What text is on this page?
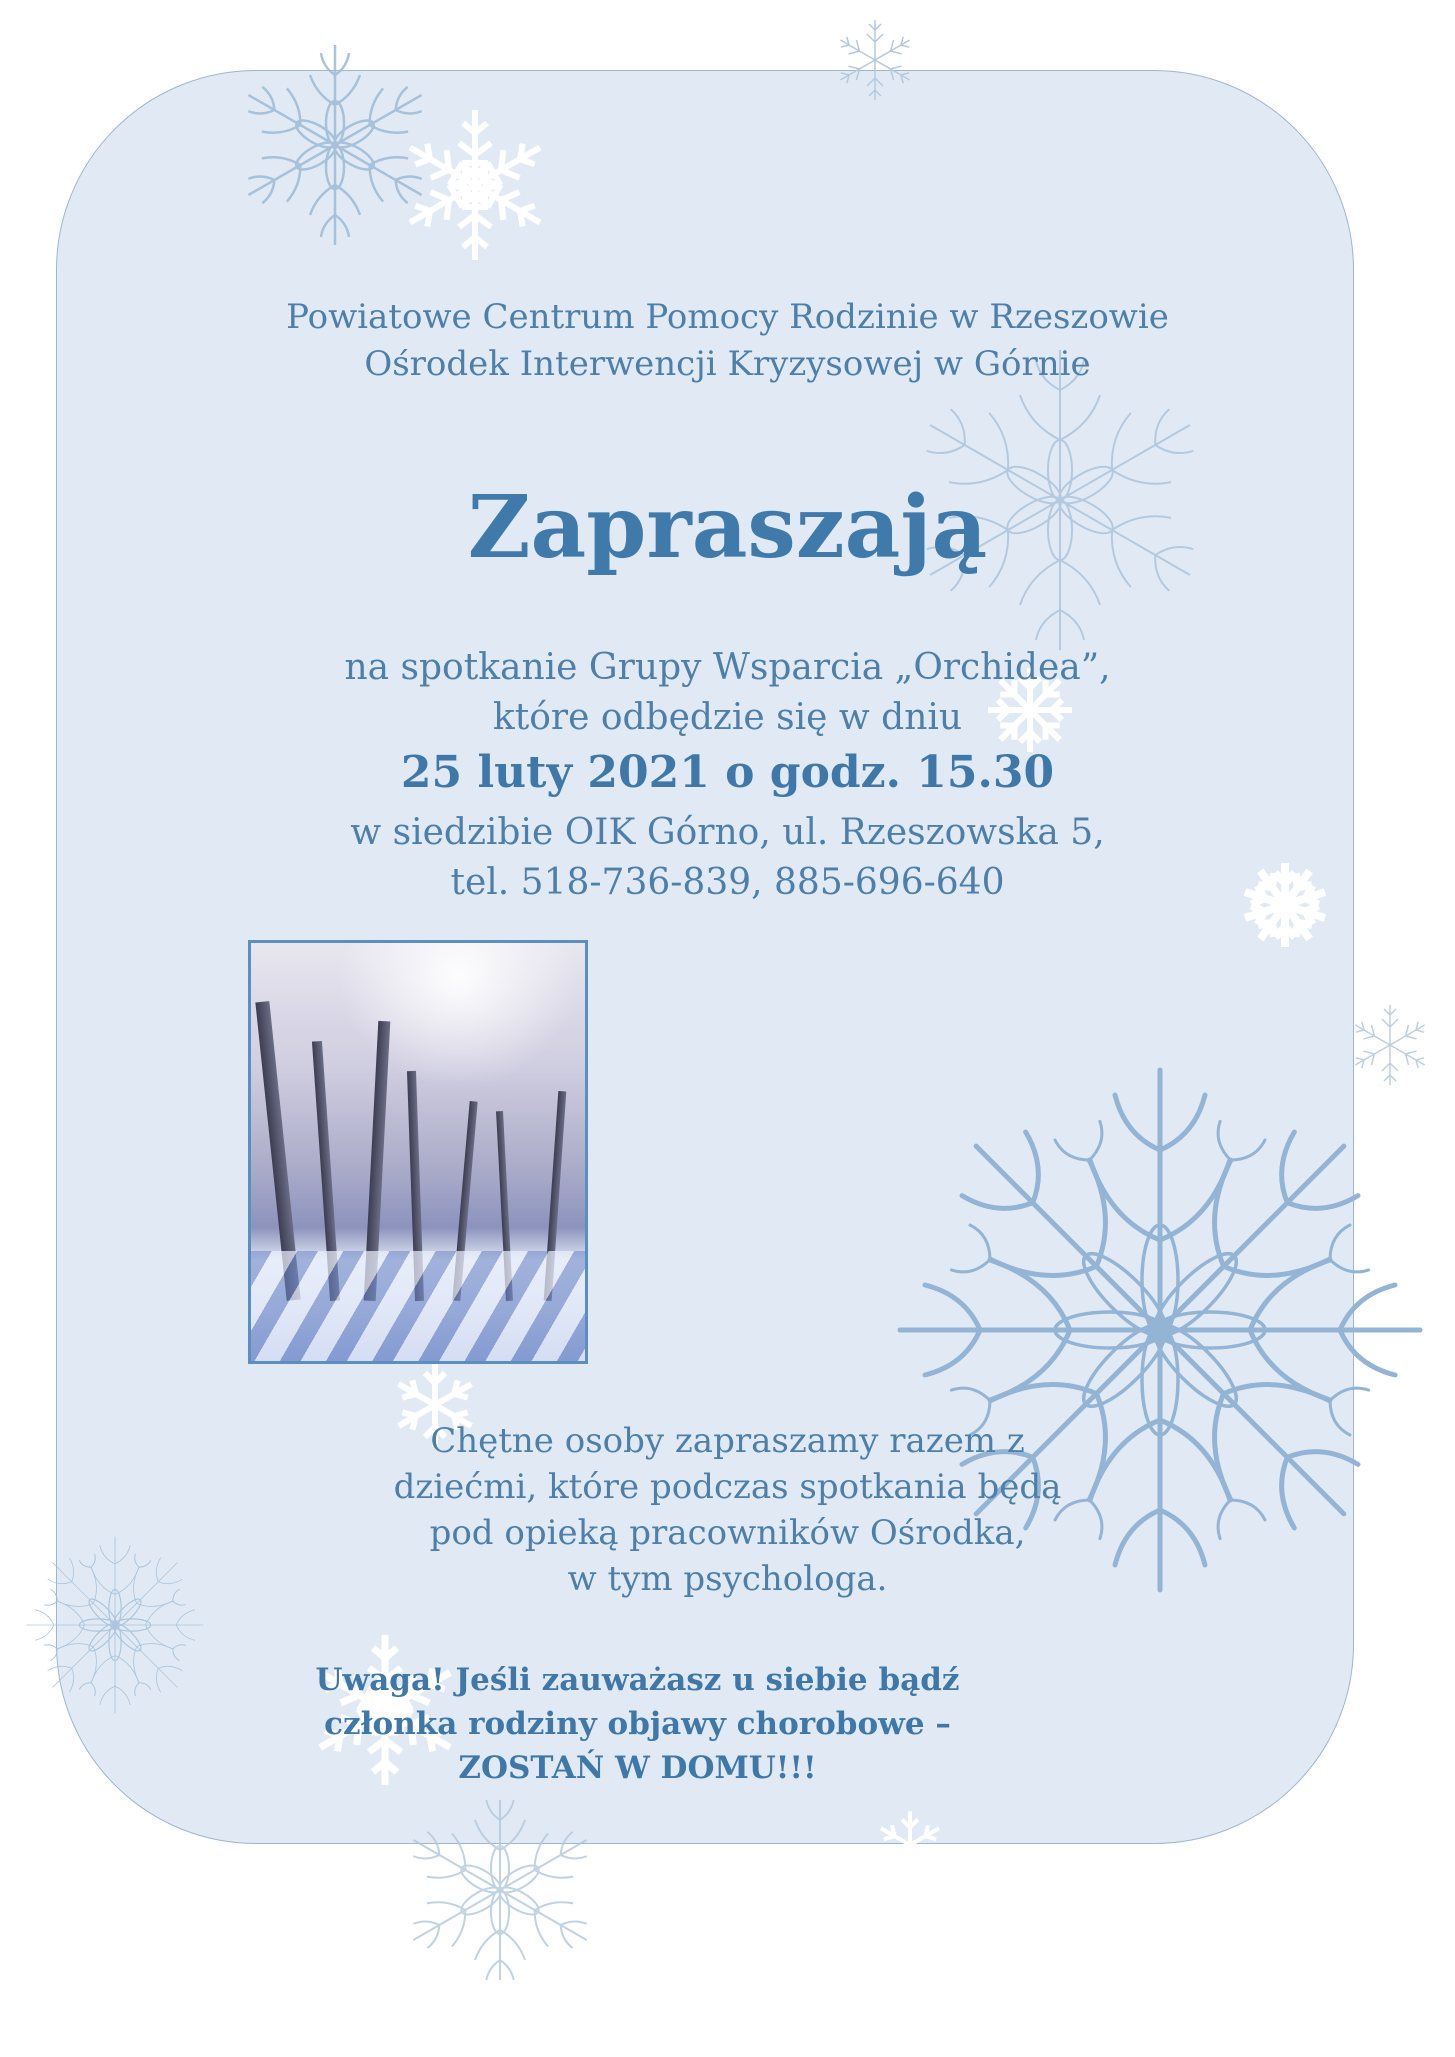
Powiatowe Centrum Pomocy Rodzinie w Rzeszowie
Ośrodek Interwencji Kryzysowej w Górnie
Zapraszają
na spotkanie Grupy Wsparcia „Orchidea”,
które odbędzie się w dniu
25 luty 2021 o godz. 15.30
w siedzibie OIK Górno, ul. Rzeszowska 5,
tel. 518-736-839, 885-696-640
Chętne osoby zapraszamy razem z
dziećmi, które podczas spotkania będą
pod opieką pracowników Ośrodka,
w tym psychologa.
Uwaga! Jeśli zauważasz u siebie bądź
członka rodziny objawy chorobowe –
ZOSTAŃ W DOMU!!!
